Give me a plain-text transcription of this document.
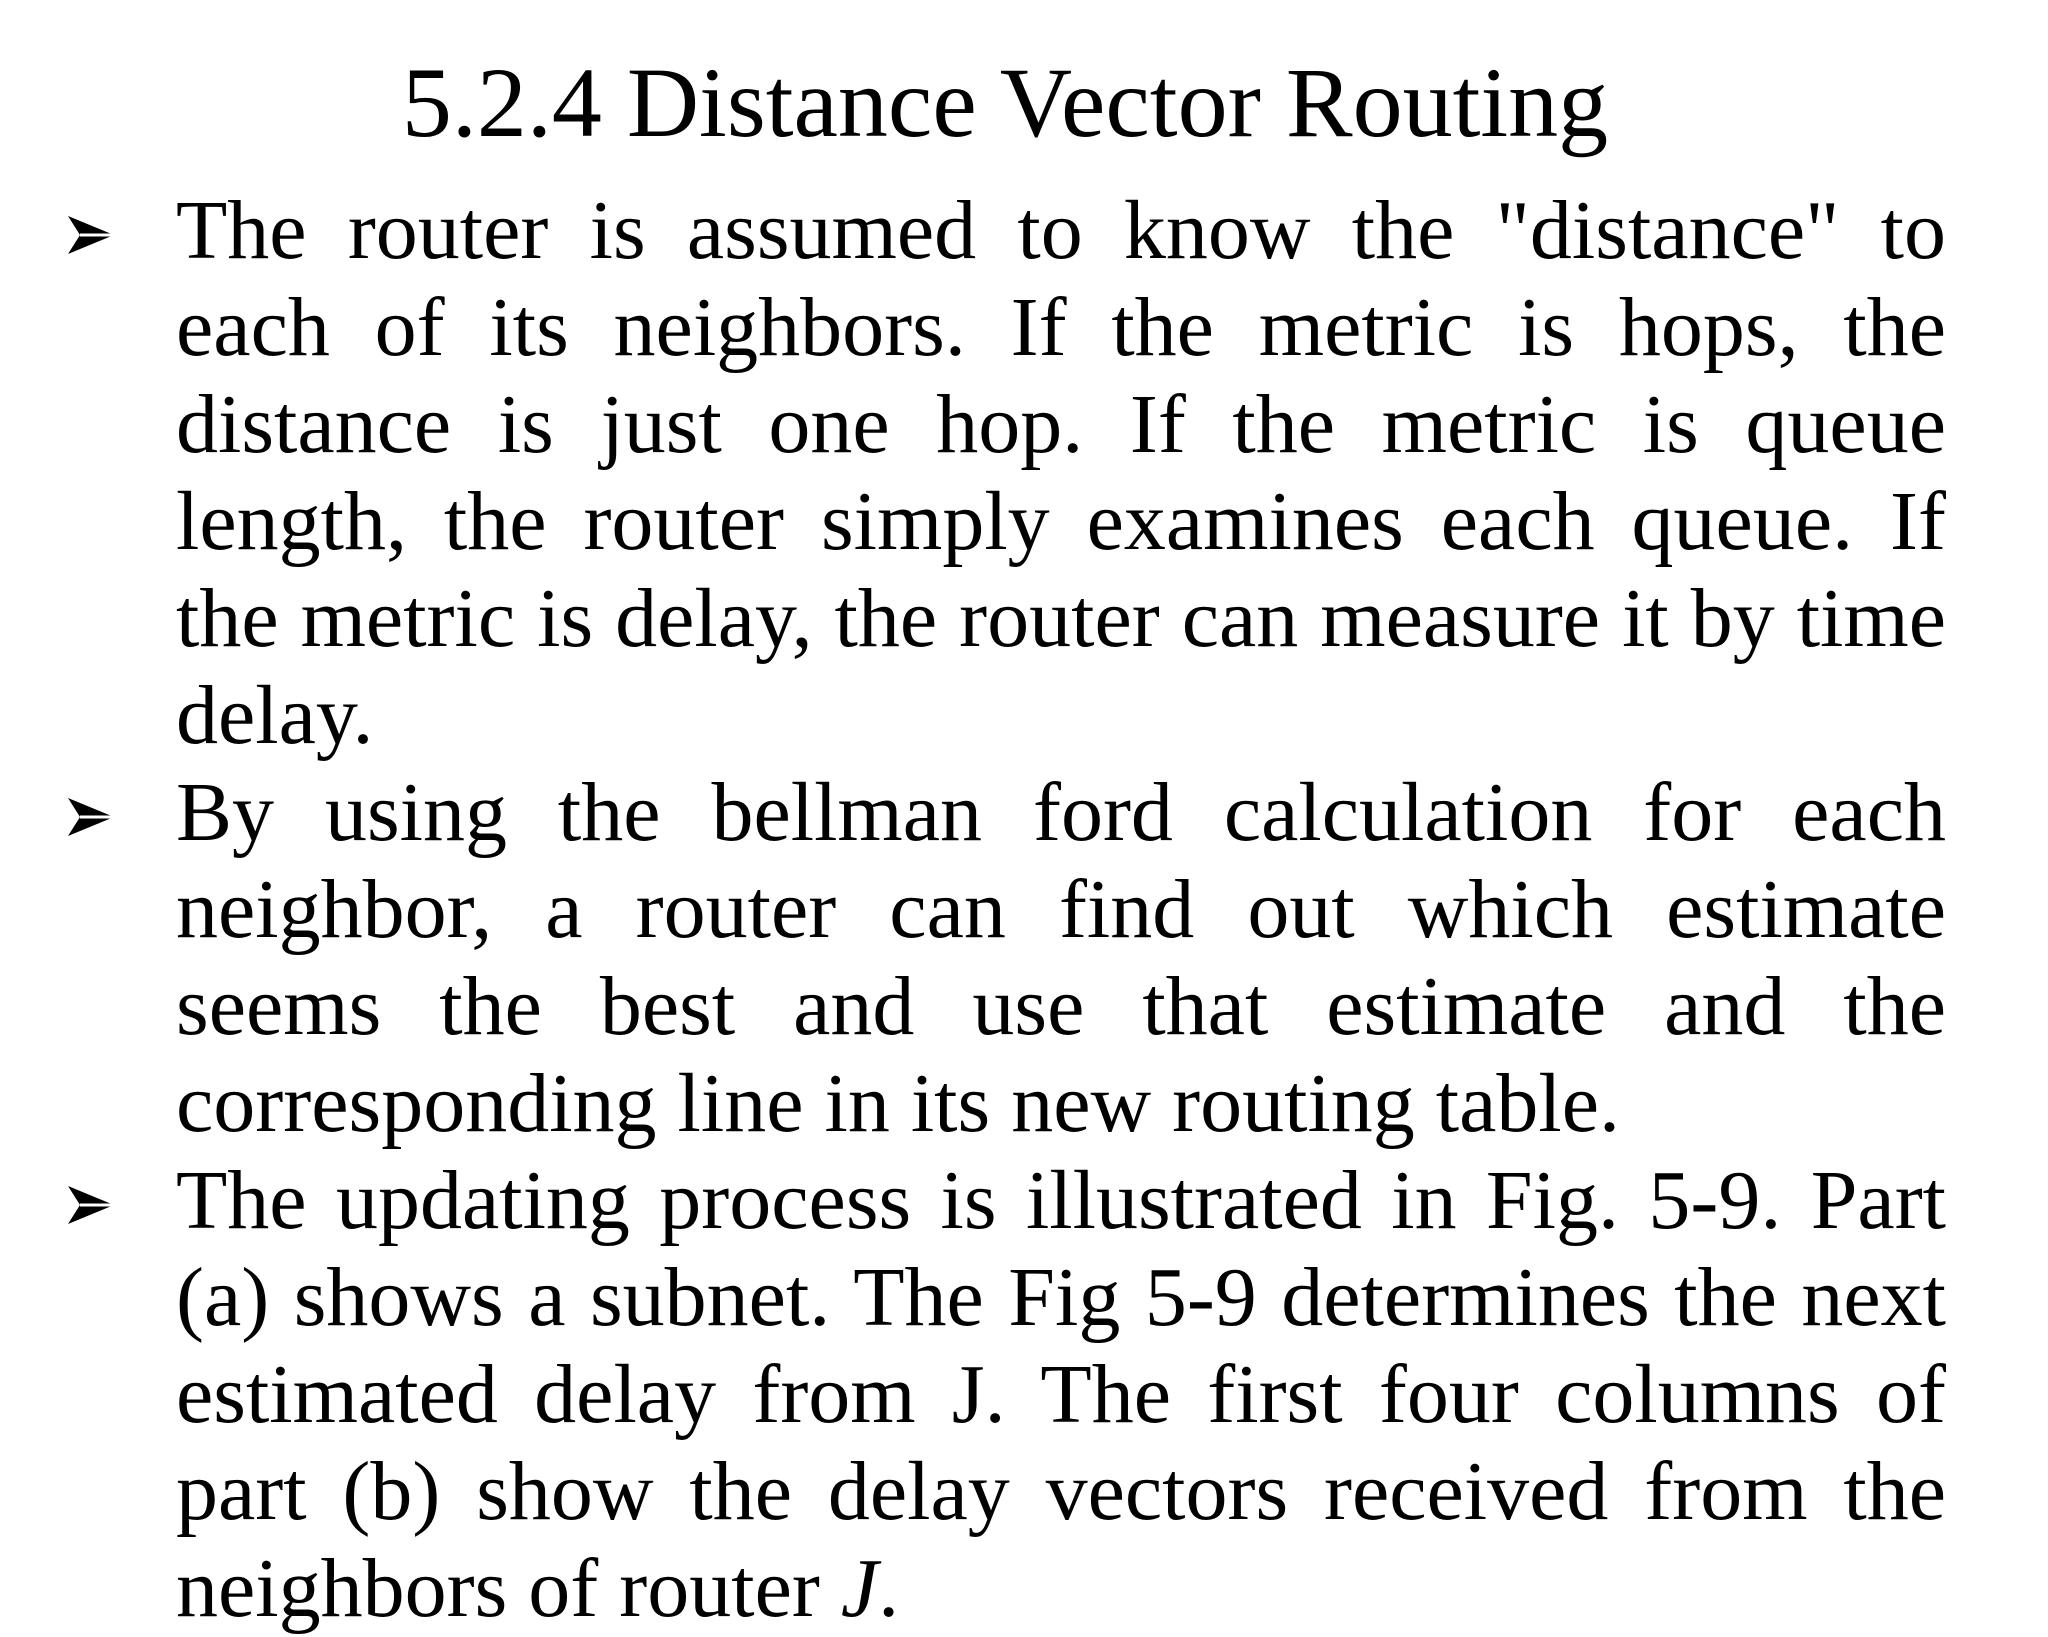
5.2.4 Distance Vector Routing
The router is assumed to know the "distance" to each of its neighbors. If the metric is hops, the distance is just one hop. If the metric is queue length, the router simply examines each queue. If the metric is delay, the router can measure it by time delay.
By using the bellman ford calculation for each neighbor, a router can find out which estimate seems the best and use that estimate and the corresponding line in its new routing table.
The updating process is illustrated in Fig. 5-9. Part (a) shows a subnet. The Fig 5-9 determines the next estimated delay from J. The first four columns of part (b) show the delay vectors received from the neighbors of router J.
